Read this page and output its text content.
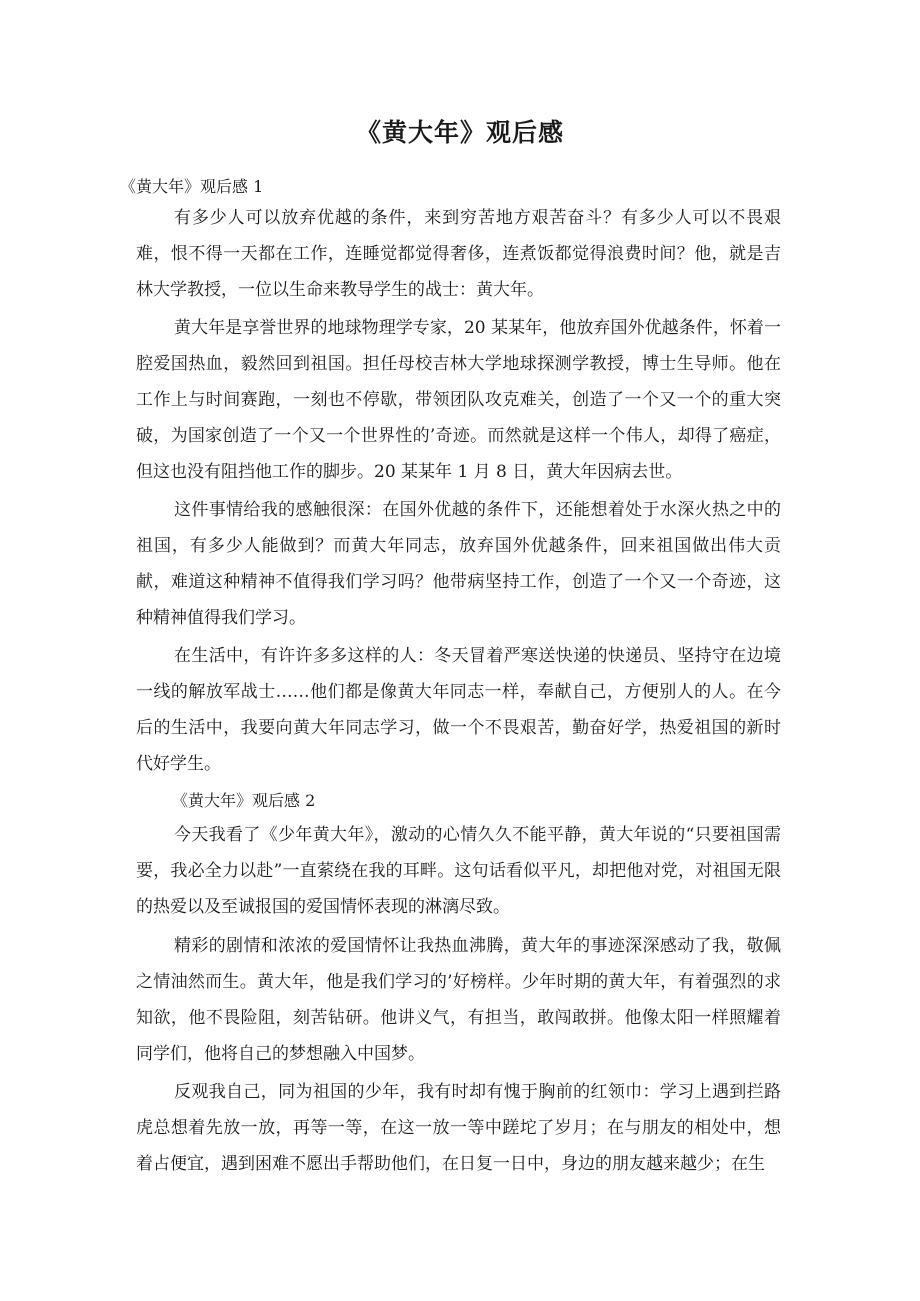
《黄大年》观后感
《黄大年》观后感 1

有多少人可以放弃优越的条件，来到穷苦地方艰苦奋斗？有多少人可以不畏艰难，恨不得一天都在工作，连睡觉都觉得奢侈，连煮饭都觉得浪费时间？他，就是吉林大学教授，一位以生命来教导学生的战士：黄大年。

黄大年是享誉世界的地球物理学专家，20 某某年，他放弃国外优越条件，怀着一腔爱国热血，毅然回到祖国。担任母校吉林大学地球探测学教授，博士生导师。他在工作上与时间赛跑，一刻也不停歇，带领团队攻克难关，创造了一个又一个的重大突破，为国家创造了一个又一个世界性的’奇迹。而然就是这样一个伟人，却得了癌症，但这也没有阻挡他工作的脚步。20 某某年 1 月 8 日，黄大年因病去世。

这件事情给我的感触很深：在国外优越的条件下，还能想着处于水深火热之中的祖国，有多少人能做到？而黄大年同志，放弃国外优越条件，回来祖国做出伟大贡献，难道这种精神不值得我们学习吗？他带病坚持工作，创造了一个又一个奇迹，这种精神值得我们学习。

在生活中，有许许多多这样的人：冬天冒着严寒送快递的快递员、坚持守在边境一线的解放军战士……他们都是像黄大年同志一样，奉献自己，方便别人的人。在今后的生活中，我要向黄大年同志学习，做一个不畏艰苦，勤奋好学，热爱祖国的新时代好学生。

《黄大年》观后感 2

今天我看了《少年黄大年》，激动的心情久久不能平静，黄大年说的“只要祖国需要，我必全力以赴”一直萦绕在我的耳畔。这句话看似平凡，却把他对党，对祖国无限的热爱以及至诚报国的爱国情怀表现的淋漓尽致。

精彩的剧情和浓浓的爱国情怀让我热血沸腾，黄大年的事迹深深感动了我，敬佩之情油然而生。黄大年，他是我们学习的’好榜样。少年时期的黄大年，有着强烈的求知欲，他不畏险阻，刻苦钻研。他讲义气，有担当，敢闯敢拼。他像太阳一样照耀着同学们，他将自己的梦想融入中国梦。

反观我自己，同为祖国的少年，我有时却有愧于胸前的红领巾：学习上遇到拦路虎总想着先放一放，再等一等，在这一放一等中蹉坨了岁月；在与朋友的相处中，想着占便宜，遇到困难不愿出手帮助他们，在日复一日中，身边的朋友越来越少；在生
